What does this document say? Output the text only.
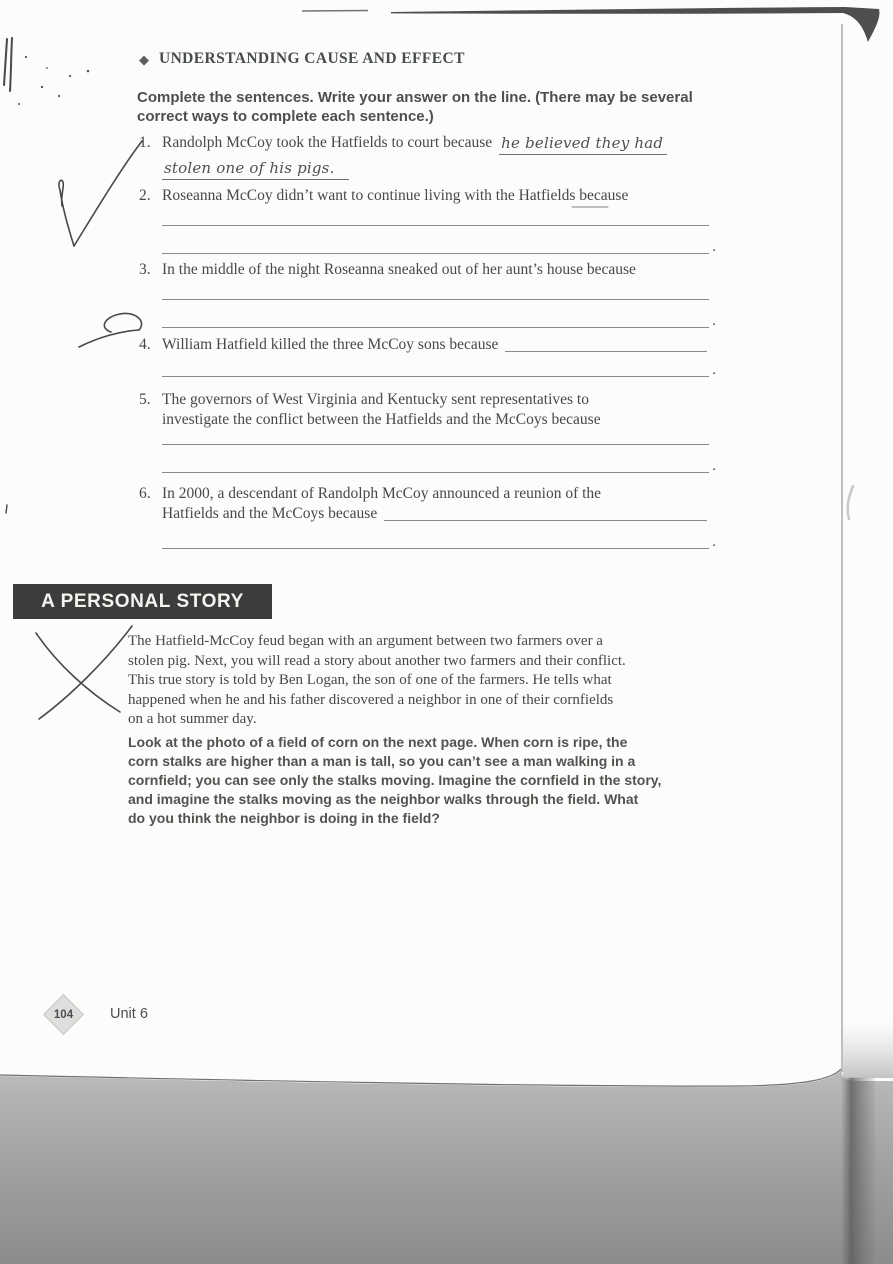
◆ UNDERSTANDING CAUSE AND EFFECT
Complete the sentences. Write your answer on the line. (There may be several
correct ways to complete each sentence.)
1. Randolph McCoy took the Hatfields to court because he believed they had
stolen one of his pigs.
2. Roseanna McCoy didn’t want to continue living with the Hatfields because
.
3. In the middle of the night Roseanna sneaked out of her aunt’s house because
.
4. William Hatfield killed the three McCoy sons because
.
5. The governors of West Virginia and Kentucky sent representatives to
investigate the conflict between the Hatfields and the McCoys because
.
6. In 2000, a descendant of Randolph McCoy announced a reunion of the
Hatfields and the McCoys because
.
A PERSONAL STORY
The Hatfield-McCoy feud began with an argument between two farmers over a
stolen pig. Next, you will read a story about another two farmers and their conflict.
This true story is told by Ben Logan, the son of one of the farmers. He tells what
happened when he and his father discovered a neighbor in one of their cornfields
on a hot summer day.
Look at the photo of a field of corn on the next page. When corn is ripe, the
corn stalks are higher than a man is tall, so you can’t see a man walking in a
cornfield; you can see only the stalks moving. Imagine the cornfield in the story,
and imagine the stalks moving as the neighbor walks through the field. What
do you think the neighbor is doing in the field?
104	Unit 6
